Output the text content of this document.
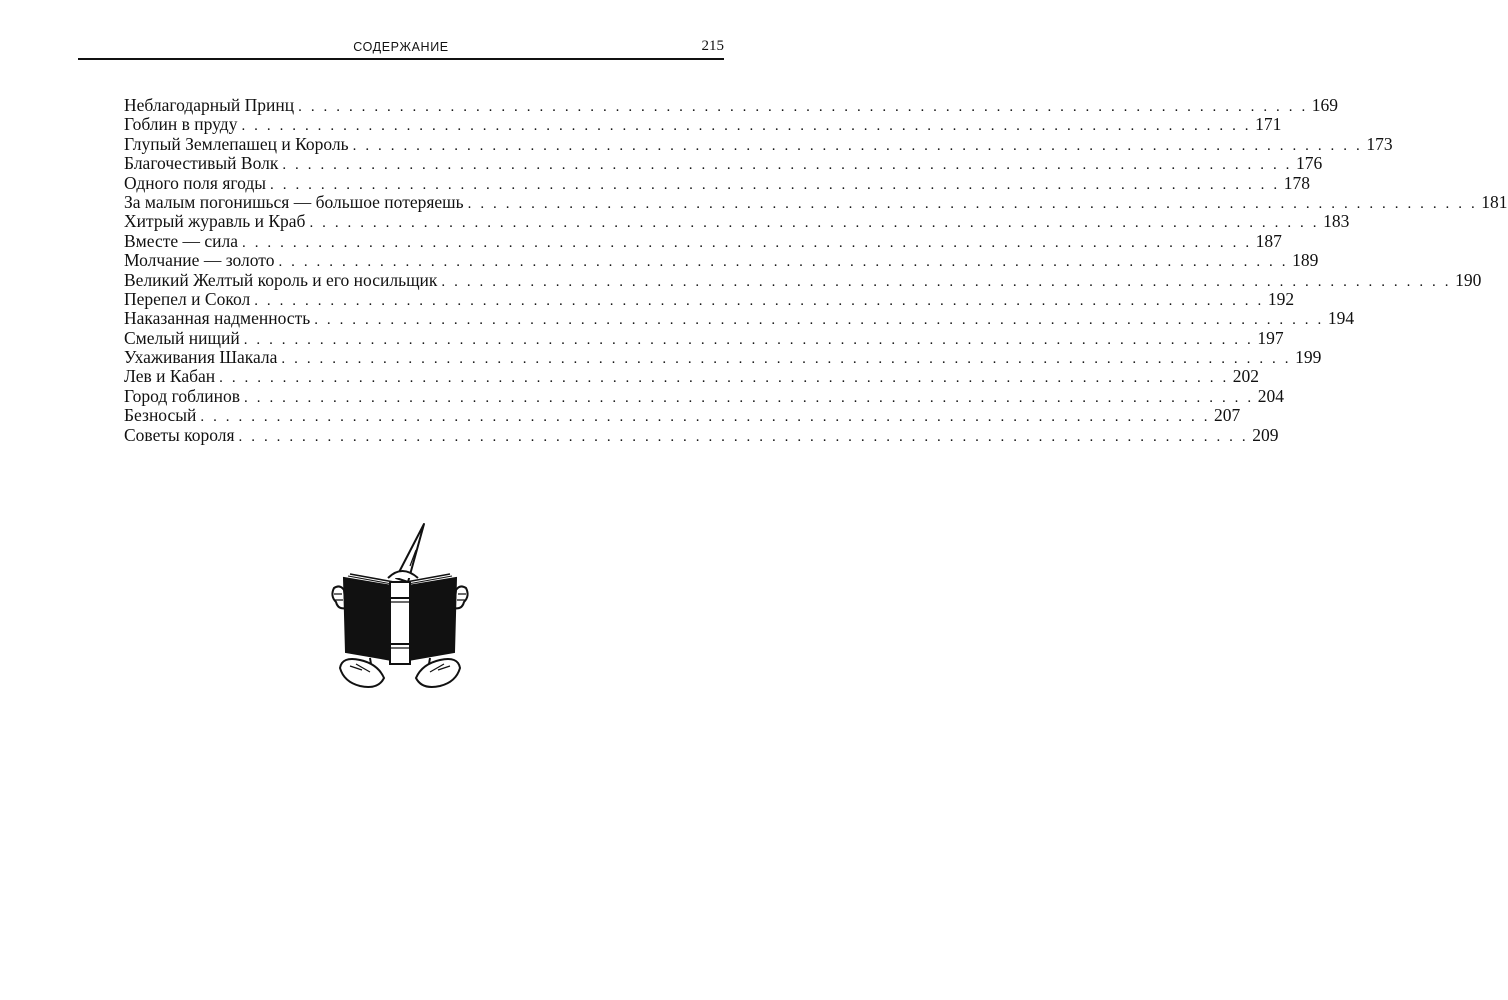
СОДЕРЖАНИЕ	215
Неблагодарный Принц . . . . . . . . . . . . . . . . . . . . . . . . . . . . . . . . . . . . . . . . . . . . . . . . . . . . . . . . . . . . . . . . . . . . . . . . . . . . . . . . 169
Гоблин в пруду . . . . . . . . . . . . . . . . . . . . . . . . . . . . . . . . . . . . . . . . . . . . . . . . . . . . . . . . . . . . . . . . . . . . . . . . . . . . . . . . 171
Глупый Землепашец и Король . . . . . . . . . . . . . . . . . . . . . . . . . . . . . . . . . . . . . . . . . . . . . . . . . . . . . . . . . . . . . . . . . . . . . . . . . . . . . . . . 173
Благочестивый Волк . . . . . . . . . . . . . . . . . . . . . . . . . . . . . . . . . . . . . . . . . . . . . . . . . . . . . . . . . . . . . . . . . . . . . . . . . . . . . . . . 176
Одного поля ягоды . . . . . . . . . . . . . . . . . . . . . . . . . . . . . . . . . . . . . . . . . . . . . . . . . . . . . . . . . . . . . . . . . . . . . . . . . . . . . . . . 178
За малым погонишься — большое потеряешь . . . . . . . . . . . . . . . . . . . . . . . . . . . . . . . . . . . . . . . . . . . . . . . . . . . . . . . . . . . . . . . . . . . . . . . . . . . . . . . . 181
Хитрый журавль и Краб . . . . . . . . . . . . . . . . . . . . . . . . . . . . . . . . . . . . . . . . . . . . . . . . . . . . . . . . . . . . . . . . . . . . . . . . . . . . . . . . 183
Вместе — сила . . . . . . . . . . . . . . . . . . . . . . . . . . . . . . . . . . . . . . . . . . . . . . . . . . . . . . . . . . . . . . . . . . . . . . . . . . . . . . . . 187
Молчание — золото . . . . . . . . . . . . . . . . . . . . . . . . . . . . . . . . . . . . . . . . . . . . . . . . . . . . . . . . . . . . . . . . . . . . . . . . . . . . . . . . 189
Великий Желтый король и его носильщик . . . . . . . . . . . . . . . . . . . . . . . . . . . . . . . . . . . . . . . . . . . . . . . . . . . . . . . . . . . . . . . . . . . . . . . . . . . . . . . . 190
Перепел и Сокол . . . . . . . . . . . . . . . . . . . . . . . . . . . . . . . . . . . . . . . . . . . . . . . . . . . . . . . . . . . . . . . . . . . . . . . . . . . . . . . . 192
Наказанная надменность . . . . . . . . . . . . . . . . . . . . . . . . . . . . . . . . . . . . . . . . . . . . . . . . . . . . . . . . . . . . . . . . . . . . . . . . . . . . . . . . 194
Смелый нищий . . . . . . . . . . . . . . . . . . . . . . . . . . . . . . . . . . . . . . . . . . . . . . . . . . . . . . . . . . . . . . . . . . . . . . . . . . . . . . . . 197
Ухаживания Шакала . . . . . . . . . . . . . . . . . . . . . . . . . . . . . . . . . . . . . . . . . . . . . . . . . . . . . . . . . . . . . . . . . . . . . . . . . . . . . . . . 199
Лев и Кабан . . . . . . . . . . . . . . . . . . . . . . . . . . . . . . . . . . . . . . . . . . . . . . . . . . . . . . . . . . . . . . . . . . . . . . . . . . . . . . . . 202
Город гоблинов . . . . . . . . . . . . . . . . . . . . . . . . . . . . . . . . . . . . . . . . . . . . . . . . . . . . . . . . . . . . . . . . . . . . . . . . . . . . . . . . 204
Безносый . . . . . . . . . . . . . . . . . . . . . . . . . . . . . . . . . . . . . . . . . . . . . . . . . . . . . . . . . . . . . . . . . . . . . . . . . . . . . . . . 207
Советы короля . . . . . . . . . . . . . . . . . . . . . . . . . . . . . . . . . . . . . . . . . . . . . . . . . . . . . . . . . . . . . . . . . . . . . . . . . . . . . . . . 209
